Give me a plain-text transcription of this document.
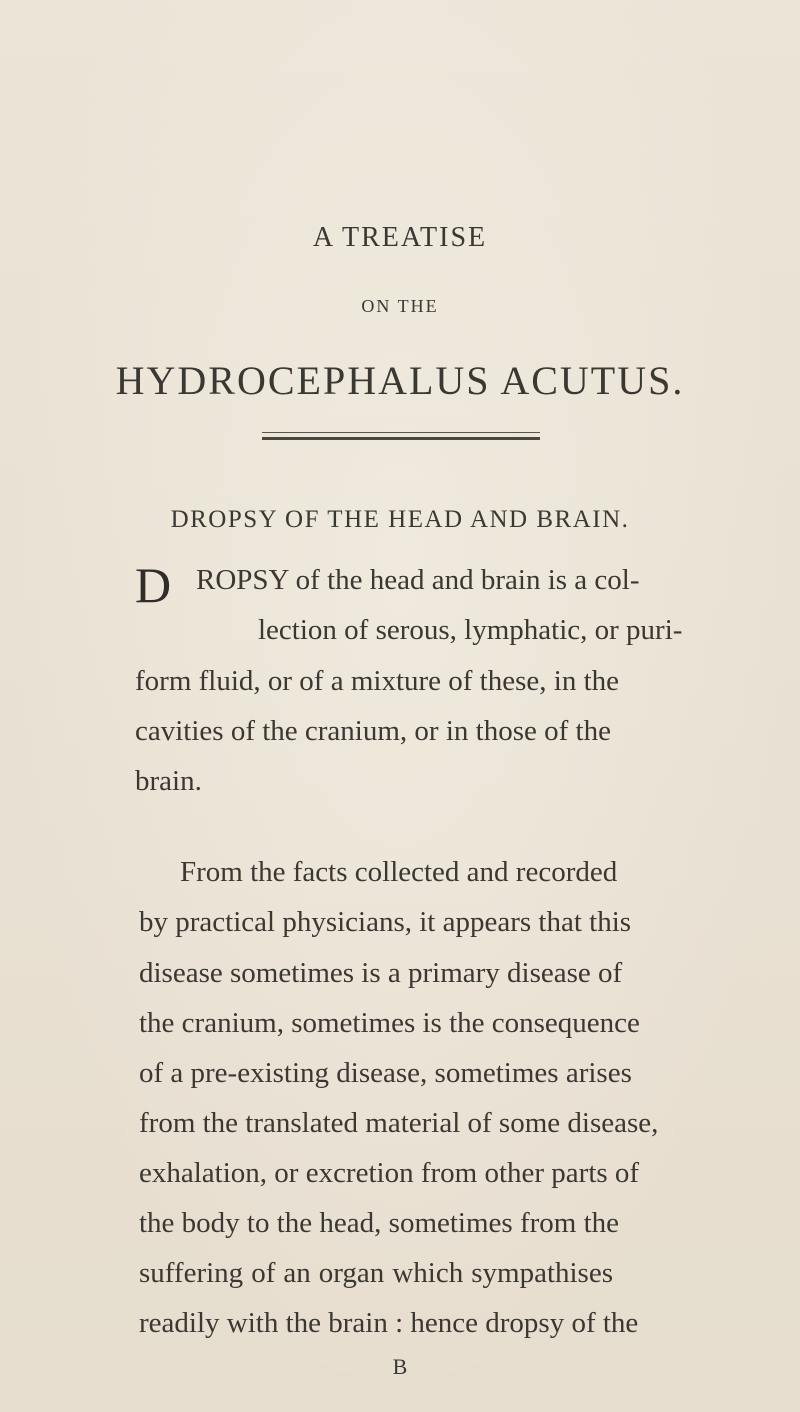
A TREATISE
ON THE
HYDROCEPHALUS ACUTUS.
DROPSY OF THE HEAD AND BRAIN.
D ROPSY of the head and brain is a col-
lection of serous, lymphatic, or puri-
form fluid, or of a mixture of these, in the
cavities of the cranium, or in those of the
brain.
From the facts collected and recorded
by practical physicians, it appears that this
disease sometimes is a primary disease of
the cranium, sometimes is the consequence
of a pre-existing disease, sometimes arises
from the translated material of some disease,
exhalation, or excretion from other parts of
the body to the head, sometimes from the
suffering of an organ which sympathises
readily with the brain : hence dropsy of the
B
